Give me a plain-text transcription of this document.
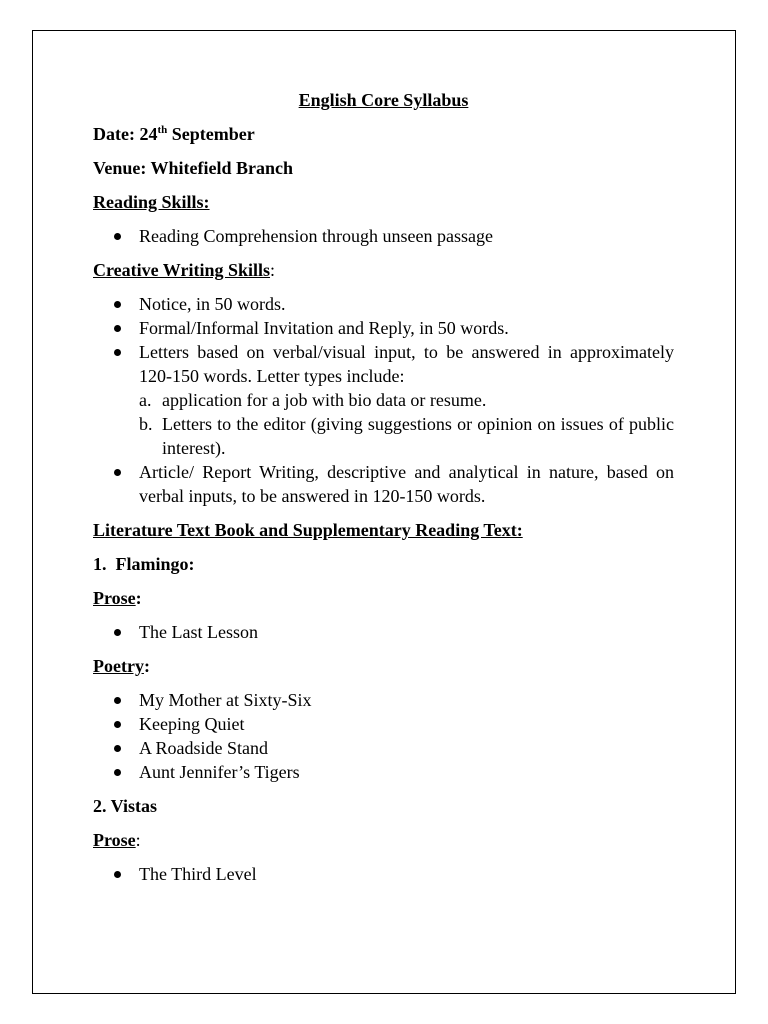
English Core Syllabus
Date: 24th September
Venue: Whitefield Branch
Reading Skills:
Reading Comprehension through unseen passage
Creative Writing Skills:
Notice, in 50 words.
Formal/Informal Invitation and Reply, in 50 words.
Letters based on verbal/visual input, to be answered in approximately 120-150 words. Letter types include:
a. application for a job with bio data or resume.
b. Letters to the editor (giving suggestions or opinion on issues of public interest).
Article/ Report Writing, descriptive and analytical in nature, based on verbal inputs, to be answered in 120-150 words.
Literature Text Book and Supplementary Reading Text:
1.  Flamingo:
Prose:
The Last Lesson
Poetry:
My Mother at Sixty-Six
Keeping Quiet
A Roadside Stand
Aunt Jennifer’s Tigers
2. Vistas
Prose:
The Third Level
